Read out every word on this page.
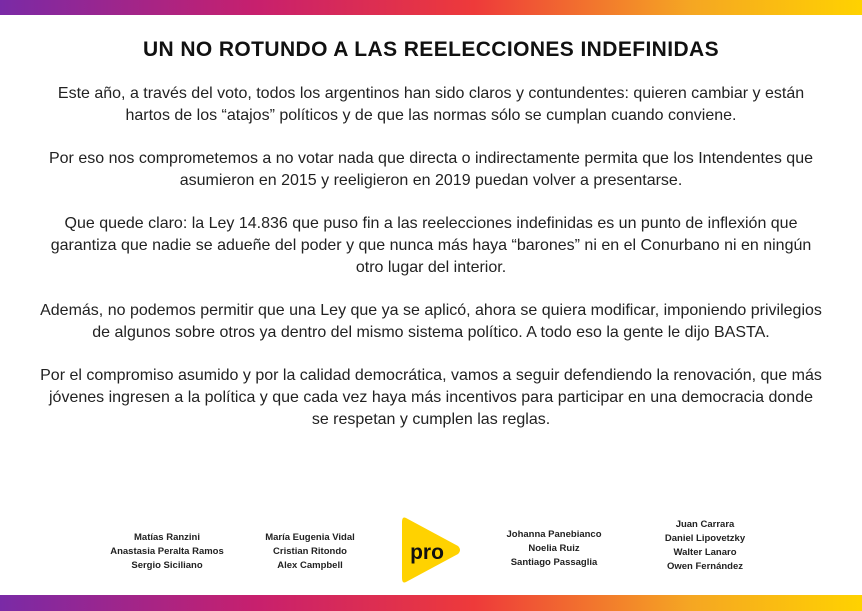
UN NO ROTUNDO A LAS REELECCIONES INDEFINIDAS

Este año, a través del voto, todos los argentinos han sido claros y contundentes: quieren cambiar y están hartos de los “atajos” políticos y de que las normas sólo se cumplan cuando conviene.

Por eso nos comprometemos a no votar nada que directa o indirectamente permita que los Intendentes que asumieron en 2015 y reeligieron en 2019 puedan volver a presentarse.

Que quede claro: la Ley 14.836 que puso fin a las reelecciones indefinidas es un punto de inflexión que garantiza que nadie se adueñe del poder y que nunca más haya “barones” ni en el Conurbano ni en ningún otro lugar del interior.

Además, no podemos permitir que una Ley que ya se aplicó, ahora se quiera modificar, imponiendo privilegios de algunos sobre otros ya dentro del mismo sistema político. A todo eso la gente le dijo BASTA.

Por el compromiso asumido y por la calidad democrática, vamos a seguir defendiendo la renovación, que más jóvenes ingresen a la política y que cada vez haya más incentivos para participar en una democracia donde se respetan y cumplen las reglas.

Matías Ranzini
Anastasia Peralta Ramos
Sergio Siciliano
María Eugenia Vidal
Cristian Ritondo
Alex Campbell
pro
Johanna Panebianco
Noelia Ruiz
Santiago Passaglia
Juan Carrara
Daniel Lipovetzky
Walter Lanaro
Owen Fernández
